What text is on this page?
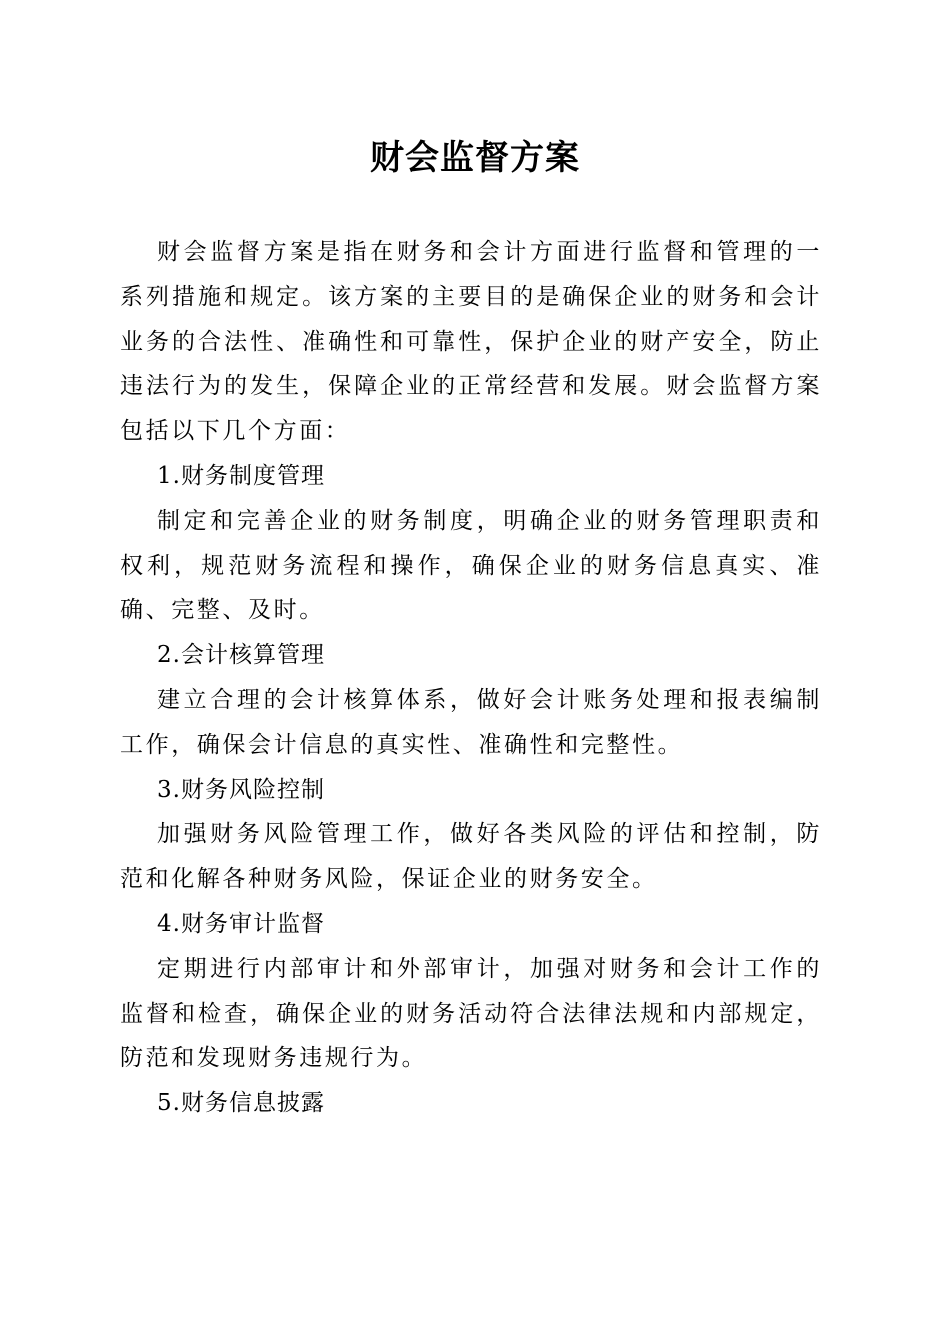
财会监督方案

财会监督方案是指在财务和会计方面进行监督和管理的一系列措施和规定。该方案的主要目的是确保企业的财务和会计业务的合法性、准确性和可靠性，保护企业的财产安全，防止违法行为的发生，保障企业的正常经营和发展。财会监督方案包括以下几个方面：

1.财务制度管理

制定和完善企业的财务制度，明确企业的财务管理职责和权利，规范财务流程和操作，确保企业的财务信息真实、准确、完整、及时。

2.会计核算管理

建立合理的会计核算体系，做好会计账务处理和报表编制工作，确保会计信息的真实性、准确性和完整性。

3.财务风险控制

加强财务风险管理工作，做好各类风险的评估和控制，防范和化解各种财务风险，保证企业的财务安全。

4.财务审计监督

定期进行内部审计和外部审计，加强对财务和会计工作的监督和检查，确保企业的财务活动符合法律法规和内部规定，防范和发现财务违规行为。

5.财务信息披露
